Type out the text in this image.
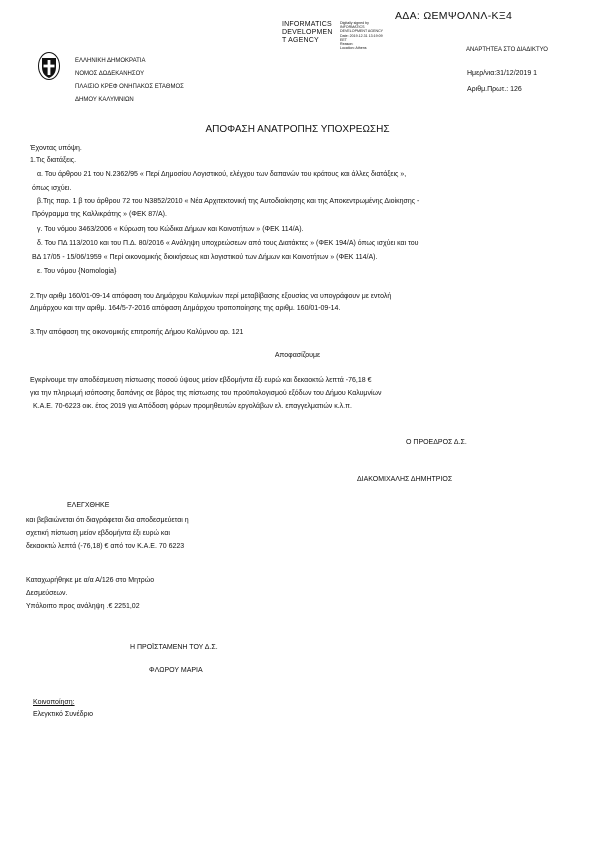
ΑΔΑ: ΩΕΜΨΟΛΝΛ-ΚΞ4
INFORMATICS
DEVELOPMEN
T AGENCY
Digitally signed by
INFORMATICS
DEVELOPMENT AGENCY
Date: 2019.12.31 13:19:09
EET
Reason:
Location: Athens	ΑΝΑΡΤΗΤΕΑ ΣΤΟ ΔΙΑΔΙΚΤΥΟ
Ημερ/νια:31/12/2019 1
Αριθμ.Πρωτ.: 126
ΕΛΛΗΝΙΚΗ ΔΗΜΟΚΡΑΤΙΑ
ΝΟΜΟΣ ΔΩΔΕΚΑΝΗΣΟΥ
ΠΛΑΙΣΙΟ ΚΡΕΦ ΟΝΗΠΑΚΟΣ ΕΤΑΘΜΟΣ
ΔΗΜΟΥ ΚΑΛΥΜΝΙΩΝ
ΑΠΟΦΑΣΗ ΑΝΑΤΡΟΠΗΣ ΥΠΟΧΡΕΩΣΗΣ
Έχοντας υπόψη.
1.Τις διατάξεις.
α. Του άρθρου 21 του Ν.2362/95 « Περί Δημοσίου Λογιστικού, ελέγχου των δαπανών του κράτους και άλλες διατάξεις »,
όπως ισχύει.
β.Της παρ. 1 β του άρθρου 72 του Ν3852/2010 « Νέα Αρχιτεκτονική της Αυτοδιοίκησης και της Αποκεντρωμένης Διοίκησης -
Πρόγραμμα της Καλλικράτης » (ΦΕΚ 87/Α).
γ. Του νόμου 3463/2006 « Κύρωση του Κώδικα Δήμων και Κοινοτήτων » (ΦΕΚ 114/Α).
δ. Του ΠΔ 113/2010 και του Π.Δ. 80/2016 « Ανάληψη υποχρεώσεων από τους Διατάκτες » (ΦΕΚ 194/Α) όπως ισχύει και του
ΒΔ 17/05 - 15/06/1959 « Περί οικονομικής διοικήσεως και λογιστικού των Δήμων και Κοινοτήτων » (ΦΕΚ 114/Α).
ε. Του νόμου {Nomologia}
2.Την αριθμ 160/01-09-14 απόφαση του Δημάρχου Καλυμνίων περί μεταβίβασης εξουσίας να υπογράφουν με εντολή
Δημάρχου και την αριθμ. 164/5-7-2016 απόφαση Δημάρχου τροποποίησης της αριθμ. 160/01-09-14.
3.Την απόφαση της οικονομικής επιτροπής Δήμου Καλύμνου αρ. 121
Αποφασίζουμε
Εγκρίνουμε την αποδέσμευση πίστωσης ποσού ύψους μείον εβδομήντα έξι ευρώ και δεκαοκτώ λεπτά -76,18 €
για την πληρωμή ισόποσης δαπάνης σε βάρος της πίστωσης του προϋπολογισμού εξόδων του Δήμου Καλυμνίων
Κ.Α.Ε. 70-6223 οικ. έτος 2019 για Απόδοση φόρων προμηθευτών εργολάβων ελ. επαγγελματιών κ.λ.π.
Ο ΠΡΟΕΔΡΟΣ Δ.Σ.
ΔΙΑΚΟΜΙΧΑΛΗΣ ΔΗΜΗΤΡΙΟΣ
ΕΛΕΓΧΘΗΚΕ
και βεβαιώνεται ότι διαγράφεται δια αποδεσμεύεται η
σχετική πίστωση μείον εβδομήντα έξι ευρώ και
δεκαοκτώ λεπτά (-76,18) € από τον Κ.Α.Ε. 70 6223
Καταχωρήθηκε με α/α Α/126 στο Μητρώο
Δεσμεύσεων.
Υπόλοιπο προς ανάληψη .€ 2251,02
Η ΠΡΟΪΣΤΑΜΕΝΗ ΤΟΥ Δ.Σ.
ΦΛΩΡΟΥ ΜΑΡΙΑ
Κοινοποίηση:
Ελεγκτικό Συνέδριο
